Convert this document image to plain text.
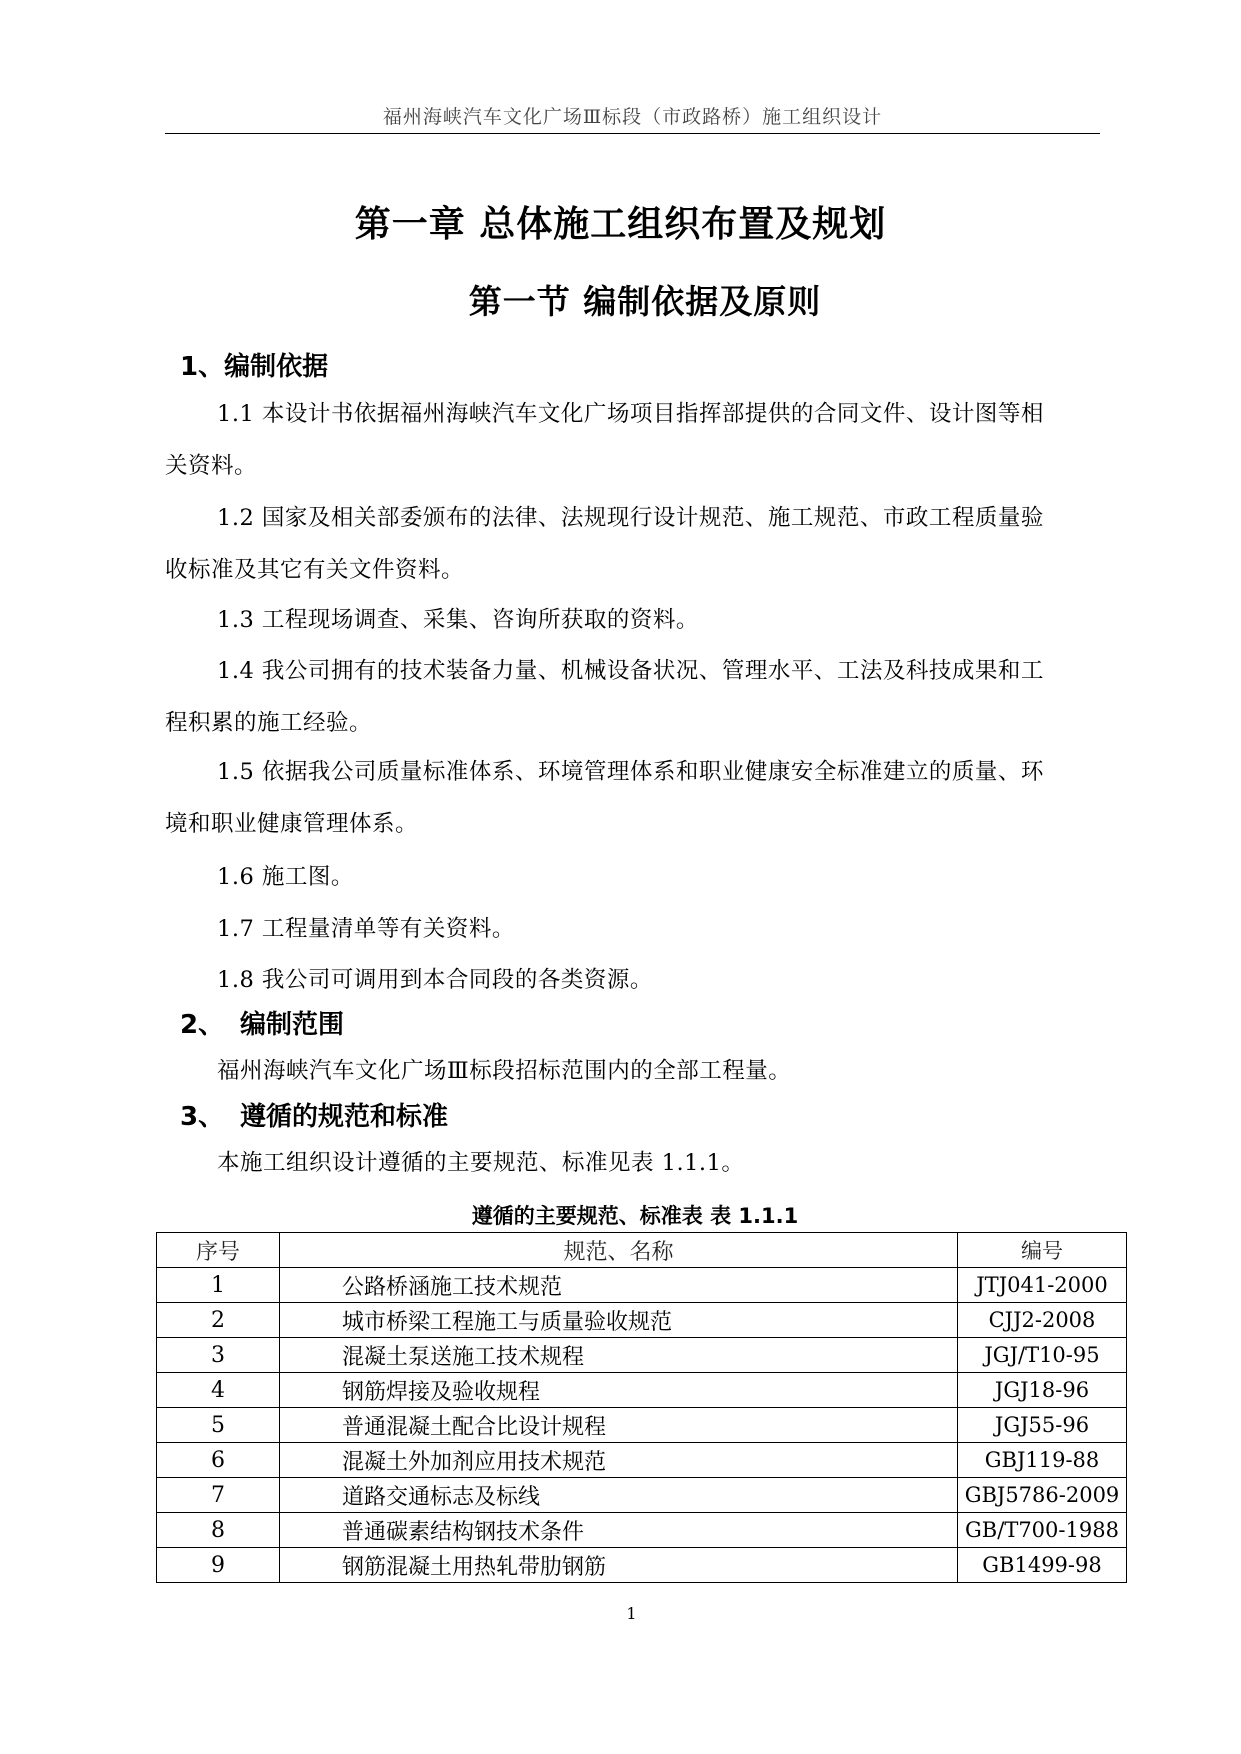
福州海峡汽车文化广场Ⅲ标段（市政路桥）施工组织设计
第一章 总体施工组织布置及规划
第一节 编制依据及原则
1、编制依据
1.1 本设计书依据福州海峡汽车文化广场项目指挥部提供的合同文件、设计图等相
关资料。
1.2 国家及相关部委颁布的法律、法规现行设计规范、施工规范、市政工程质量验
收标准及其它有关文件资料。
1.3 工程现场调查、采集、咨询所获取的资料。
1.4 我公司拥有的技术装备力量、机械设备状况、管理水平、工法及科技成果和工
程积累的施工经验。
1.5 依据我公司质量标准体系、环境管理体系和职业健康安全标准建立的质量、环
境和职业健康管理体系。
1.6 施工图。
1.7 工程量清单等有关资料。
1.8 我公司可调用到本合同段的各类资源。
2、 编制范围
福州海峡汽车文化广场Ⅲ标段招标范围内的全部工程量。
3、 遵循的规范和标准
本施工组织设计遵循的主要规范、标准见表 1.1.1。
遵循的主要规范、标准表 表 1.1.1
序号	规范、名称	编号
1	公路桥涵施工技术规范	JTJ041-2000
2	城市桥梁工程施工与质量验收规范	CJJ2-2008
3	混凝土泵送施工技术规程	JGJ/T10-95
4	钢筋焊接及验收规程	JGJ18-96
5	普通混凝土配合比设计规程	JGJ55-96
6	混凝土外加剂应用技术规范	GBJ119-88
7	道路交通标志及标线	GBJ5786-2009
8	普通碳素结构钢技术条件	GB/T700-1988
9	钢筋混凝土用热轧带肋钢筋	GB1499-98
1
